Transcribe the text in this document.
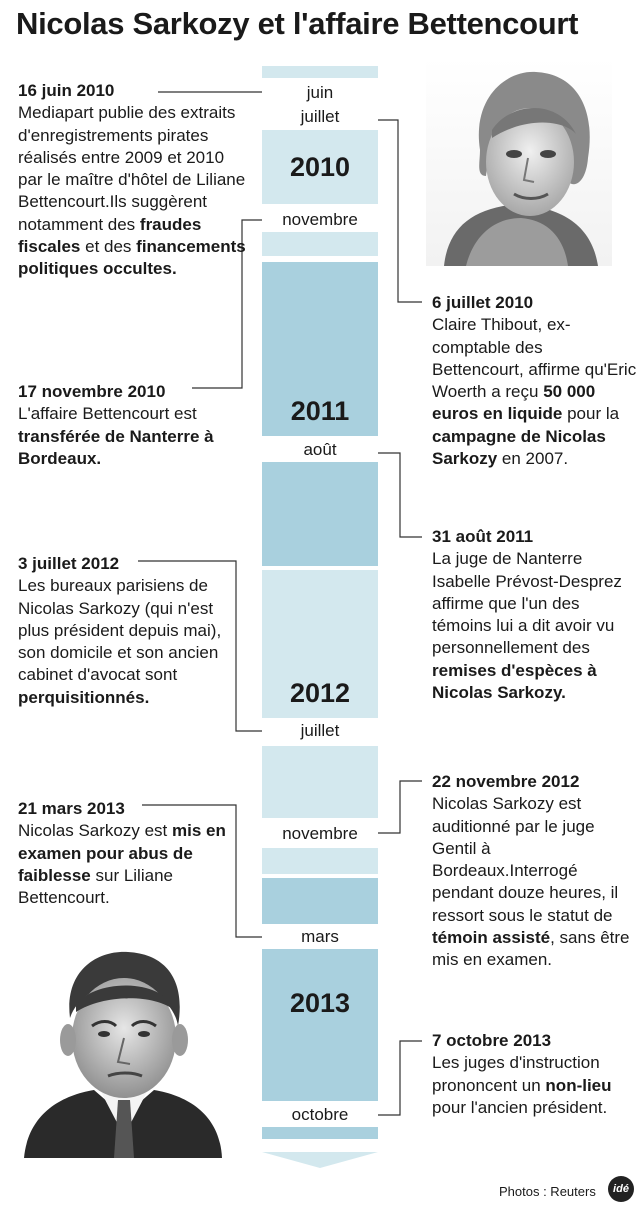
Nicolas Sarkozy et l'affaire Bettencourt
juin
juillet
novembre
août
juillet
novembre
mars
octobre
2010
2011
2012
2013
16 juin 2010
Mediapart publie des extraits d'enregistrements pirates réalisés entre 2009 et 2010 par le maître d'hôtel de Liliane Bettencourt.Ils suggèrent notamment des fraudes fiscales et des financements politiques occultes.
17 novembre 2010
L'affaire Bettencourt est transférée de Nanterre à Bordeaux.
3 juillet 2012
Les bureaux parisiens de Nicolas Sarkozy (qui n'est plus président depuis mai), son domicile et son ancien cabinet d'avocat sont perquisitionnés.
21 mars 2013
Nicolas Sarkozy est mis en examen pour abus de faiblesse sur Liliane Bettencourt.
6 juillet 2010
Claire Thibout, ex-comptable des Bettencourt, affirme qu'Eric Woerth a reçu 50 000 euros en liquide pour la campagne de Nicolas Sarkozy en 2007.
31 août 2011
La juge de Nanterre Isabelle Prévost-Desprez affirme que l'un des témoins lui a dit avoir vu personnellement des remises d'espèces à Nicolas Sarkozy.
22 novembre 2012
Nicolas Sarkozy est auditionné par le juge Gentil à Bordeaux.Interrogé pendant douze heures, il ressort sous le statut de témoin assisté, sans être mis en examen.
7 octobre 2013
Les juges d'instruction prononcent un non-lieu pour l'ancien président.
Photos : Reuters	idé
